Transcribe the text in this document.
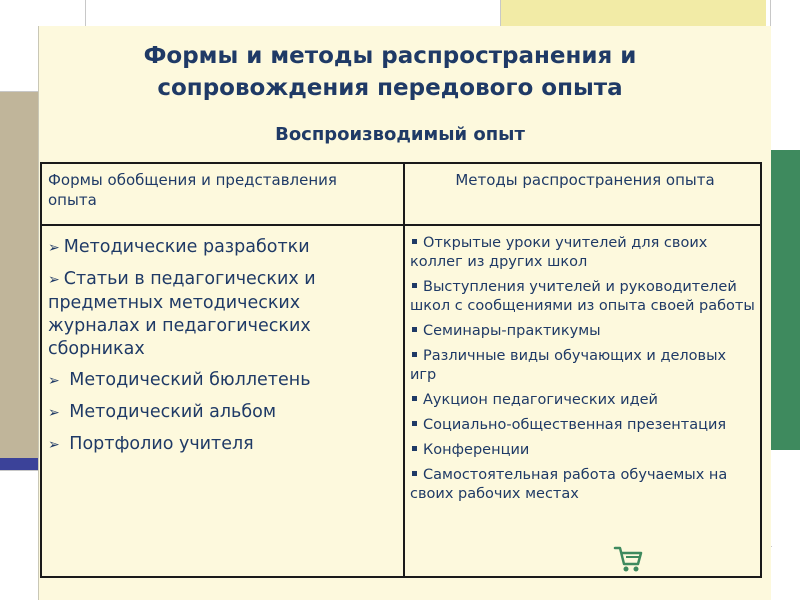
Формы и методы распространения и сопровождения передового опыта
Воспроизводимый опыт
Формы обобщения и представления опыта
Методы распространения опыта
➢ Методические разработки
➢ Статьи в педагогических и предметных методических журналах и педагогических сборниках
➢ Методический бюллетень
➢ Методический альбом
➢ Портфолио учителя
Открытые уроки учителей для своих коллег из других школ
Выступления учителей и руководителей школ с сообщениями из опыта своей работы
Семинары-практикумы
Различные виды обучающих и деловых игр
Аукцион педагогических идей
Социально-общественная презентация
Конференции
Самостоятельная работа обучаемых на своих рабочих местах
